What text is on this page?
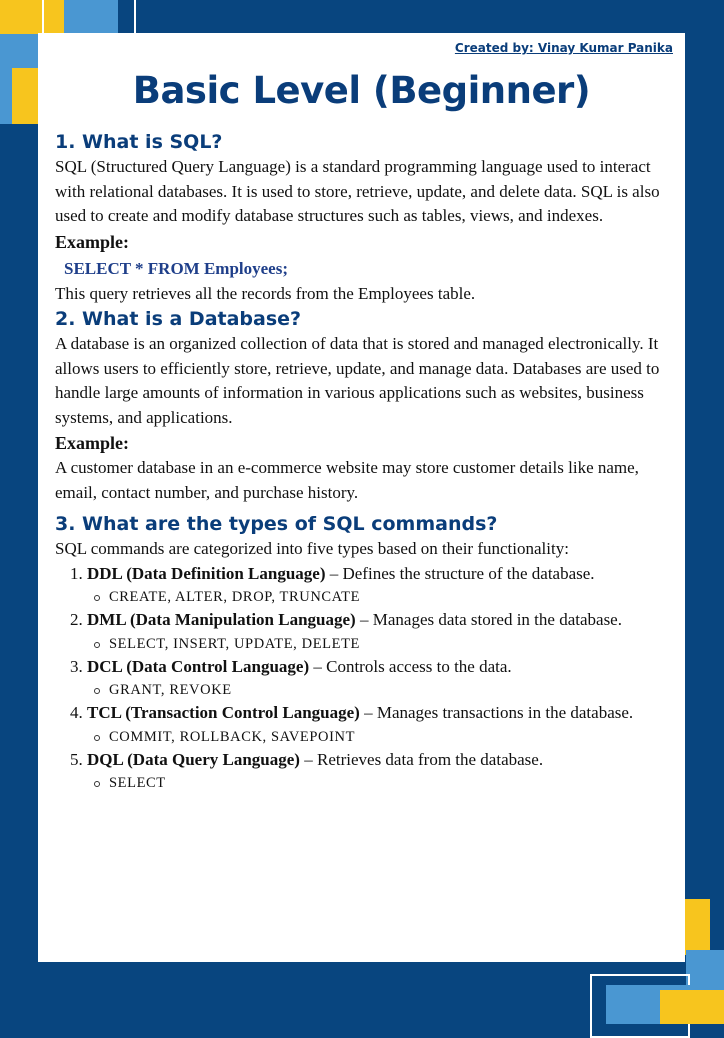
Created by: Vinay Kumar Panika
Basic Level (Beginner)
1. What is SQL?

SQL (Structured Query Language) is a standard programming language used to interact with relational databases. It is used to store, retrieve, update, and delete data. SQL is also used to create and modify database structures such as tables, views, and indexes.

Example:

SELECT * FROM Employees;

This query retrieves all the records from the Employees table.

2. What is a Database?

A database is an organized collection of data that is stored and managed electronically. It allows users to efficiently store, retrieve, update, and manage data. Databases are used to handle large amounts of information in various applications such as websites, business systems, and applications.

Example:

A customer database in an e-commerce website may store customer details like name, email, contact number, and purchase history.

3. What are the types of SQL commands?

SQL commands are categorized into five types based on their functionality:

1. DDL (Data Definition Language) – Defines the structure of the database.
CREATE, ALTER, DROP, TRUNCATE
2. DML (Data Manipulation Language) – Manages data stored in the database.
SELECT, INSERT, UPDATE, DELETE
3. DCL (Data Control Language) – Controls access to the data.
GRANT, REVOKE
4. TCL (Transaction Control Language) – Manages transactions in the database.
COMMIT, ROLLBACK, SAVEPOINT
5. DQL (Data Query Language) – Retrieves data from the database.
SELECT
